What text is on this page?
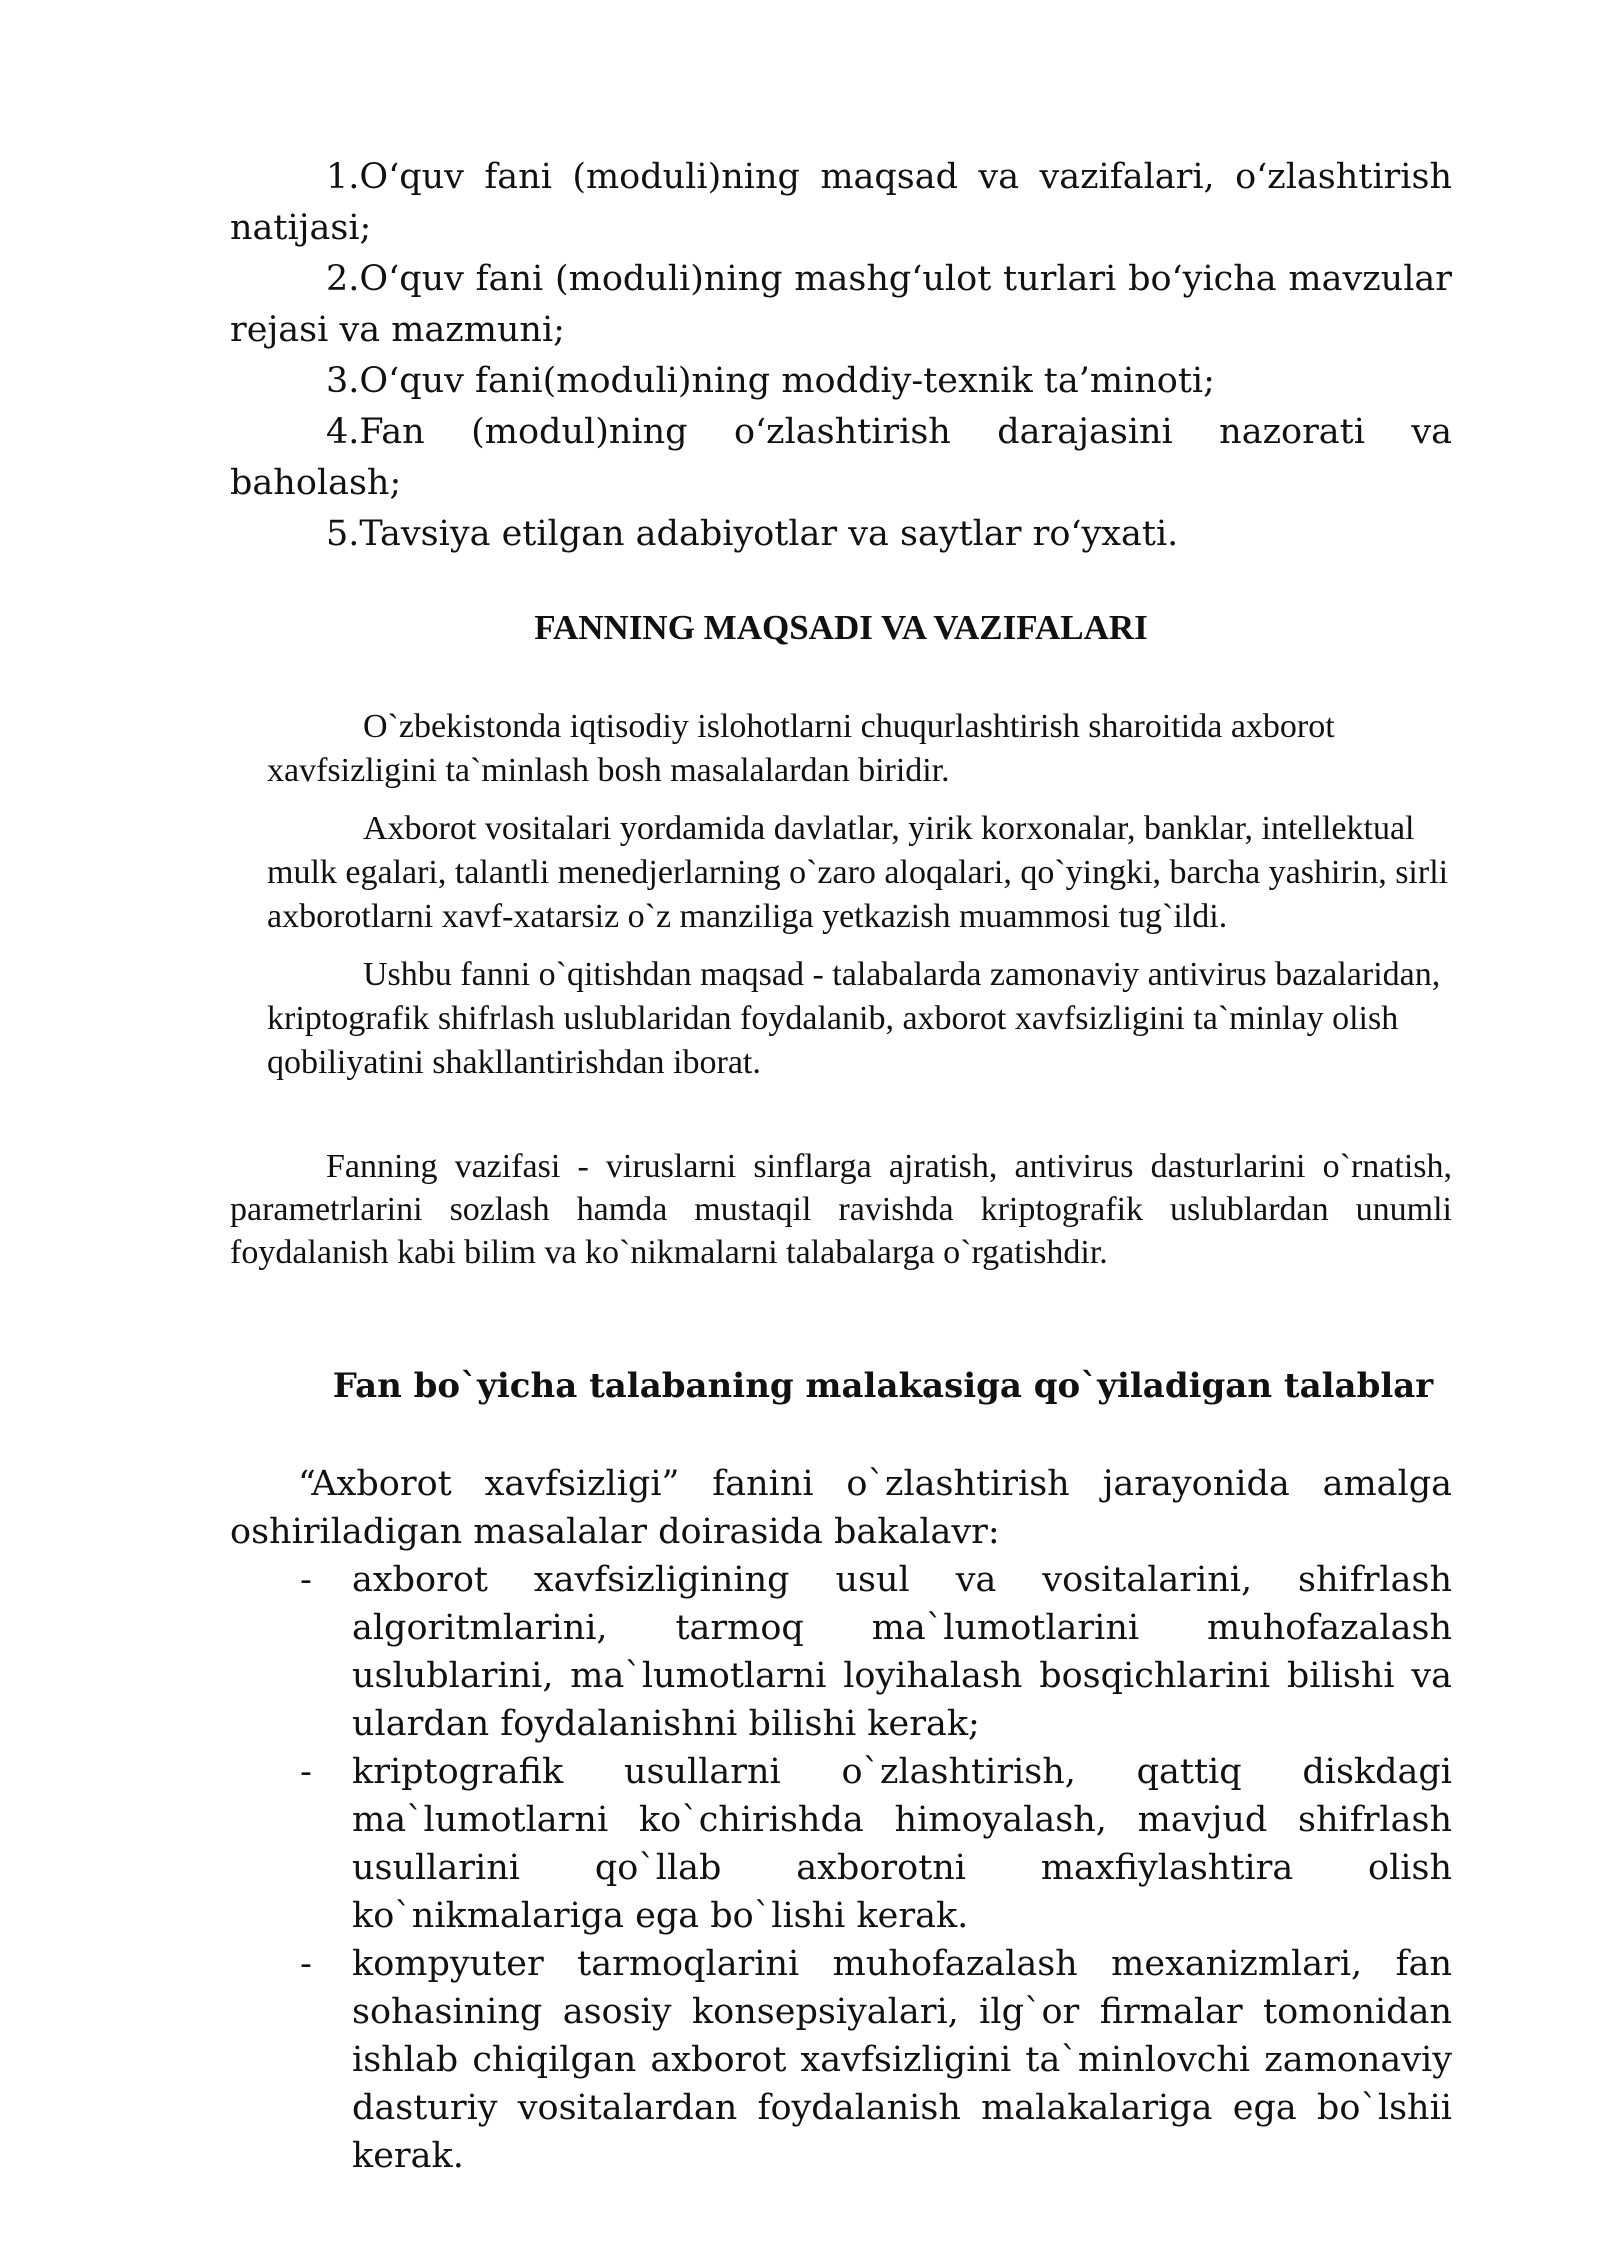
1.O‘quv fani (moduli)ning maqsad va vazifalari, o‘zlashtirish natijasi;

2.O‘quv fani (moduli)ning mashg‘ulot turlari bo‘yicha mavzular rejasi va mazmuni;

3.O‘quv fani(moduli)ning moddiy-texnik ta’minoti;

4.Fan (modul)ning o‘zlashtirish darajasini nazorati va baholash;

5.Tavsiya etilgan adabiyotlar va saytlar ro‘yxati.

FANNING MAQSADI VA VAZIFALARI

O`zbekistonda iqtisodiy islohotlarni chuqurlashtirish sharoitida axborot xavfsizligini ta`minlash bosh masalalardan biridir.

Axborot vositalari yordamida davlatlar, yirik korxonalar, banklar, intellektual mulk egalari, talantli menedjerlarning o`zaro aloqalari, qo`yingki, barcha yashirin, sirli axborotlarni xavf-xatarsiz o`z manziliga yetkazish muammosi tug`ildi.

Ushbu fanni o`qitishdan maqsad - talabalarda zamonaviy antivirus bazalaridan, kriptografik shifrlash uslublaridan foydalanib, axborot xavfsizligini ta`minlay olish qobiliyatini shakllantirishdan iborat.

Fanning vazifasi - viruslarni sinflarga ajratish, antivirus dasturlarini o`rnatish, parametrlarini sozlash hamda mustaqil ravishda kriptografik uslublardan unumli foydalanish kabi bilim va ko`nikmalarni talabalarga o`rgatishdir.

Fan bo`yicha talabaning malakasiga qo`yiladigan talablar

“Axborot xavfsizligi” fanini o`zlashtirish jarayonida amalga oshiriladigan masalalar doirasida bakalavr:

- axborot xavfsizligining usul va vositalarini, shifrlash algoritmlarini, tarmoq ma`lumotlarini muhofazalash uslublarini, ma`lumotlarni loyihalash bosqichlarini bilishi va ulardan foydalanishni bilishi kerak;
- kriptografik usullarni o`zlashtirish, qattiq diskdagi ma`lumotlarni ko`chirishda himoyalash, mavjud shifrlash usullarini qo`llab axborotni maxfiylashtira olish ko`nikmalariga ega bo`lishi kerak.
- kompyuter tarmoqlarini muhofazalash mexanizmlari, fan sohasining asosiy konsepsiyalari, ilg`or firmalar tomonidan ishlab chiqilgan axborot xavfsizligini ta`minlovchi zamonaviy dasturiy vositalardan foydalanish malakalariga ega bo`lshii kerak.
